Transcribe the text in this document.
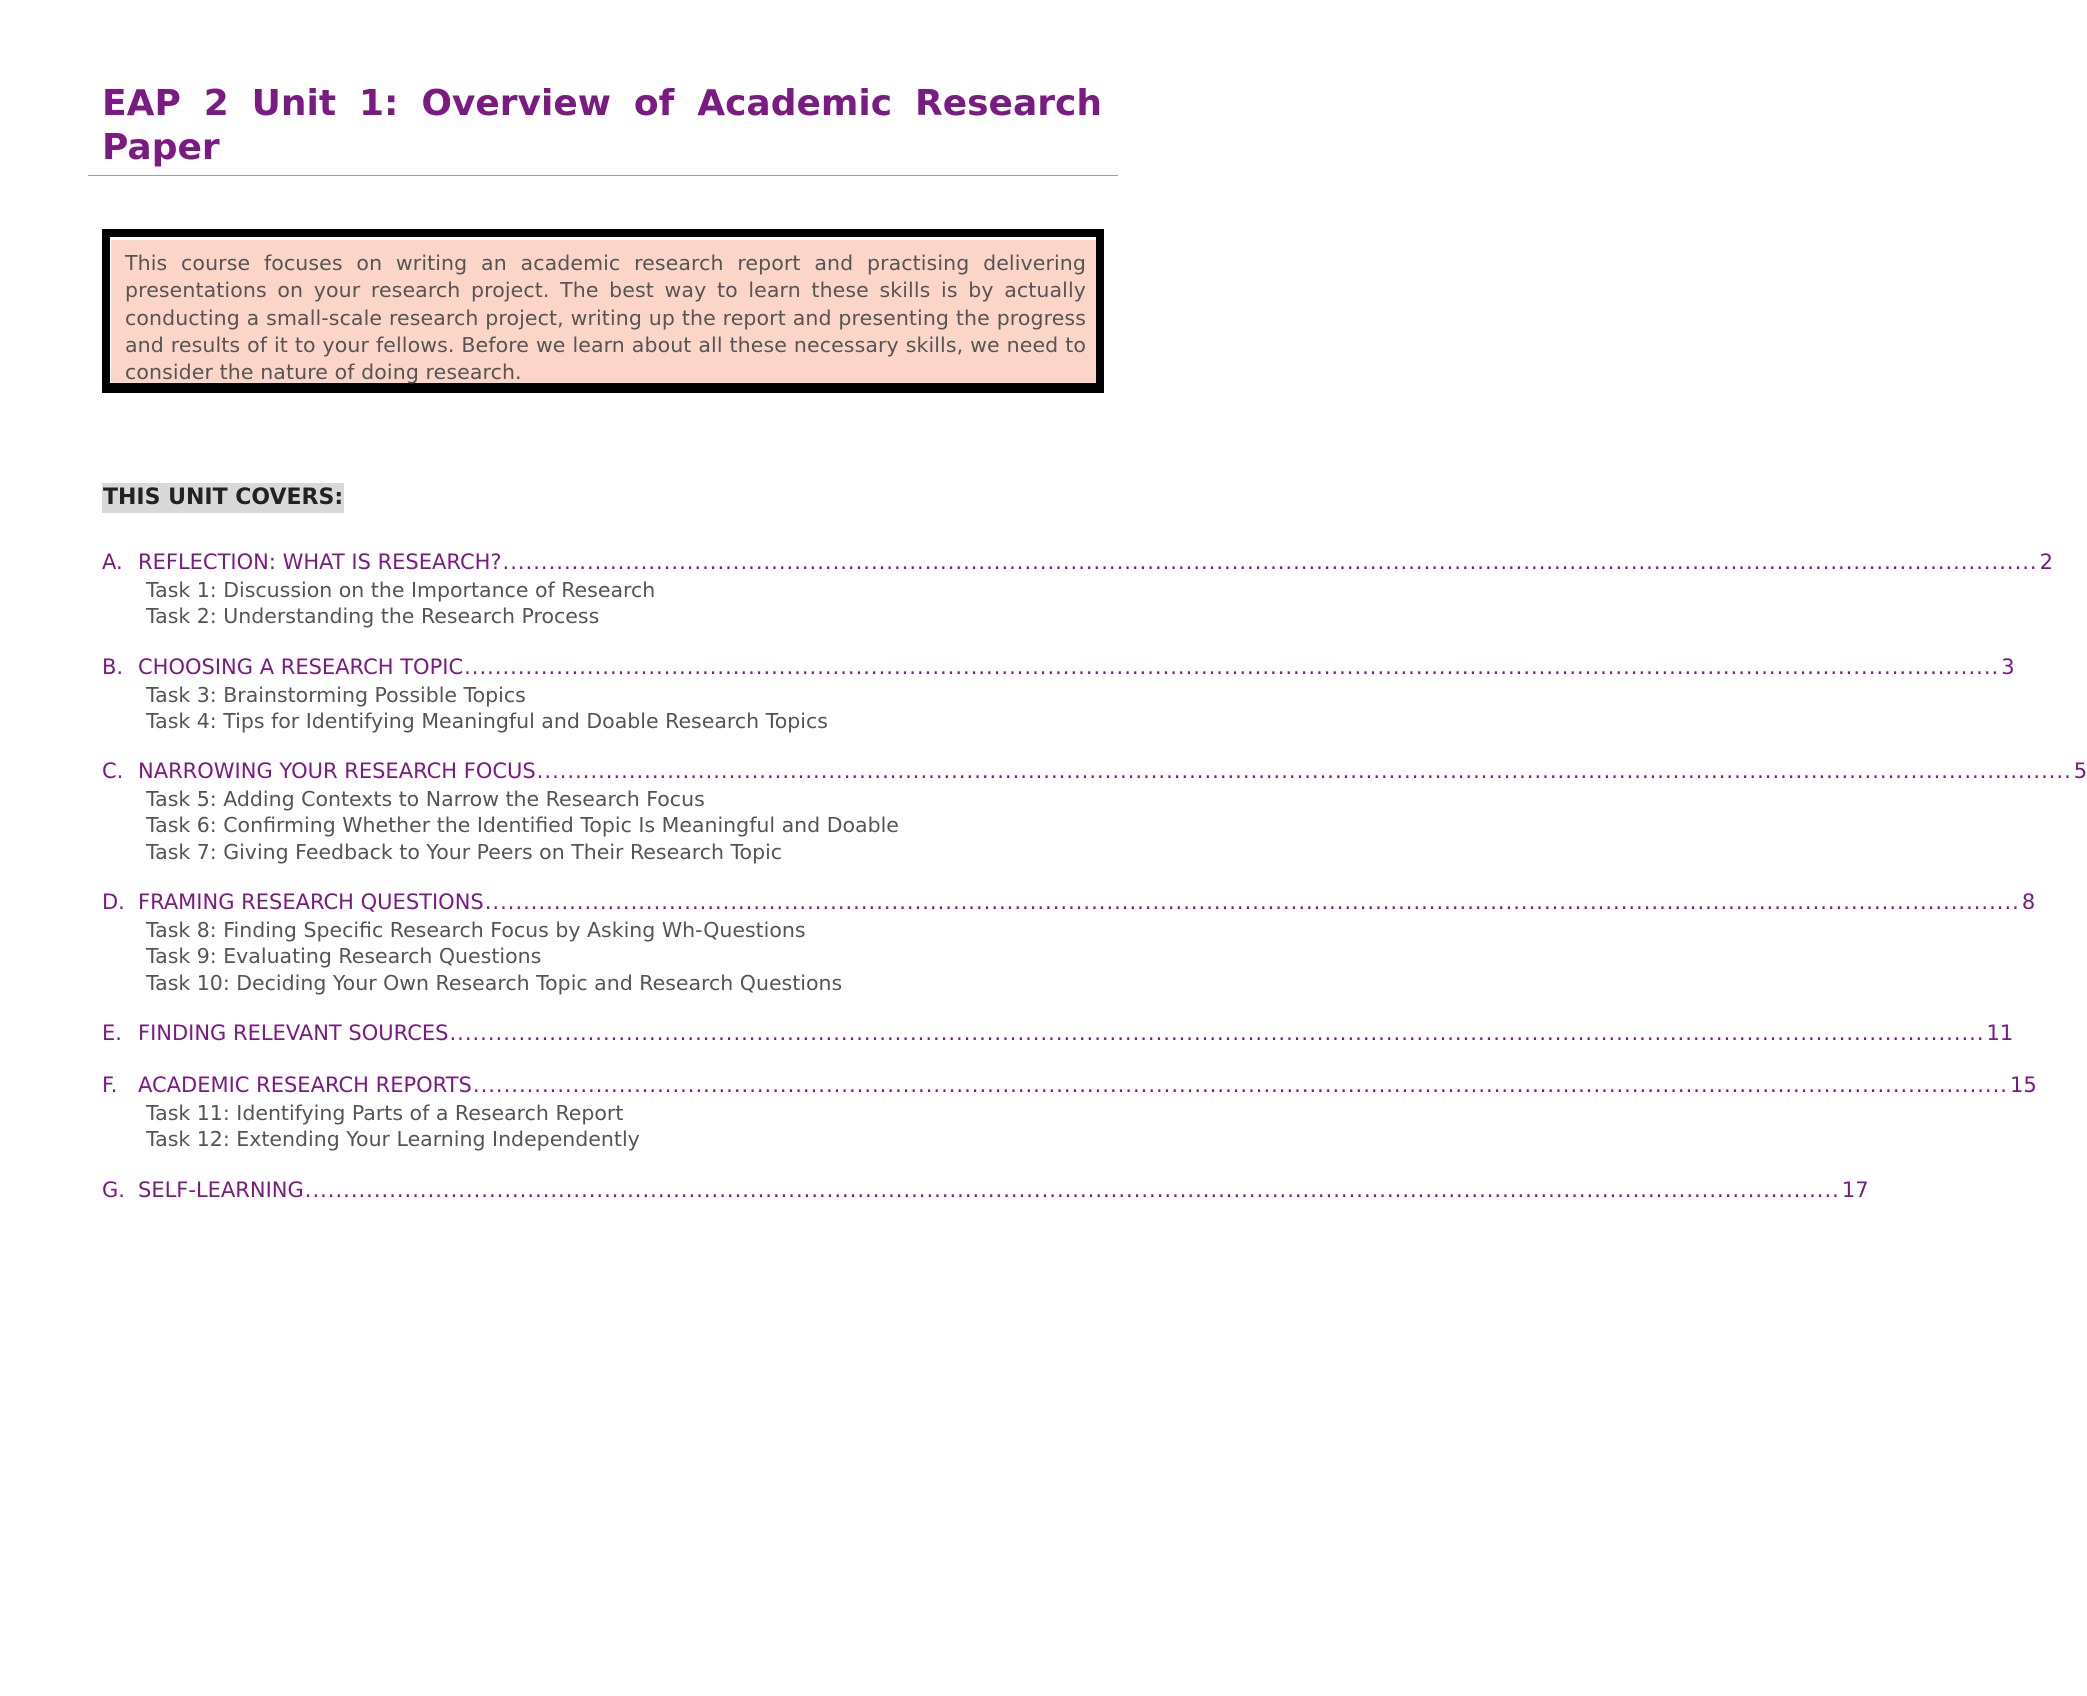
EAP 2 Unit 1: Overview of Academic Research Paper

This course focuses on writing an academic research report and practising delivering presentations on your research project. The best way to learn these skills is by actually conducting a small-scale research project, writing up the report and presenting the progress and results of it to your fellows. Before we learn about all these necessary skills, we need to consider the nature of doing research.

THIS UNIT COVERS:
A. REFLECTION: WHAT IS RESEARCH? ........................................................................................................................................................................................................ 2
Task 1: Discussion on the Importance of Research
Task 2: Understanding the Research Process
B. CHOOSING A RESEARCH TOPIC ........................................................................................................................................................................................................ 3
Task 3: Brainstorming Possible Topics
Task 4: Tips for Identifying Meaningful and Doable Research Topics
C. NARROWING YOUR RESEARCH FOCUS ........................................................................................................................................................................................................ 5
Task 5: Adding Contexts to Narrow the Research Focus
Task 6: Confirming Whether the Identified Topic Is Meaningful and Doable
Task 7: Giving Feedback to Your Peers on Their Research Topic
D. FRAMING RESEARCH QUESTIONS ........................................................................................................................................................................................................ 8
Task 8: Finding Specific Research Focus by Asking Wh-Questions
Task 9: Evaluating Research Questions
Task 10: Deciding Your Own Research Topic and Research Questions
E. FINDING RELEVANT SOURCES ........................................................................................................................................................................................................ 11
F. ACADEMIC RESEARCH REPORTS ........................................................................................................................................................................................................ 15
Task 11: Identifying Parts of a Research Report
Task 12: Extending Your Learning Independently
G. SELF-LEARNING ........................................................................................................................................................................................................ 17
